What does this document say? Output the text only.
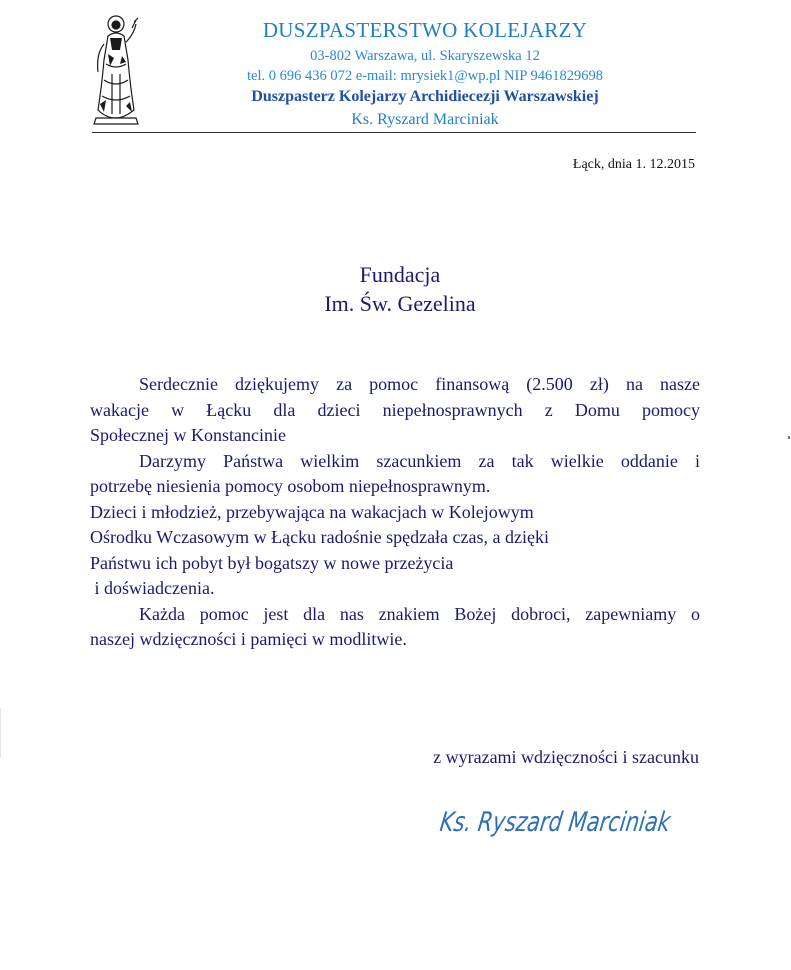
DUSZPASTERSTWO KOLEJARZY
03-802 Warszawa, ul. Skaryszewska 12
tel. 0 696 436 072 e-mail: mrysiek1@wp.pl NIP 9461829698
Duszpasterz Kolejarzy Archidiecezji Warszawskiej
Ks. Ryszard Marciniak
Łąck, dnia 1. 12.2015
Fundacja
Im. Św. Gezelina
Serdecznie dziękujemy za pomoc finansową (2.500 zł) na nasze
wakacje w Łącku dla dzieci niepełnosprawnych z Domu pomocy
Społecznej w Konstancinie
Darzymy Państwa wielkim szacunkiem za tak wielkie oddanie i
potrzebę niesienia pomocy osobom niepełnosprawnym.
Dzieci i młodzież, przebywająca na wakacjach w Kolejowym
Ośrodku Wczasowym w Łącku radośnie spędzała czas, a dzięki
Państwu ich pobyt był bogatszy w nowe przeżycia
i doświadczenia.
Każda pomoc jest dla nas znakiem Bożej dobroci, zapewniamy o
naszej wdzięczności i pamięci w modlitwie.
z wyrazami wdzięczności i szacunku
Ks. Ryszard Marciniak
